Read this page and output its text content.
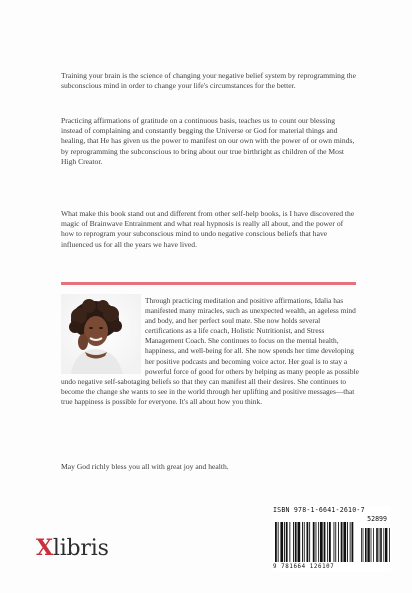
Training your brain is the science of changing your negative belief system by reprogramming the subconscious mind in order to change your life's circumstances for the better.
Practicing affirmations of gratitude on a continuous basis, teaches us to count our blessing instead of complaining and constantly begging the Universe or God for material things and healing, that He has given us the power to manifest on our own with the power of or own minds, by reprogramming the subconscious to bring about our true birthright as children of the Most High Creator.
What make this book stand out and different from other self-help books, is I have discovered the magic of Brainwave Entrainment and what real hypnosis is really all about, and the power of how to reprogram your subconscious mind to undo negative conscious beliefs that have influenced us for all the years we have lived.
Through practicing meditation and positive affirmations, Idalia has manifested many miracles, such as unexpected wealth, an ageless mind and body, and her perfect soul mate. She now holds several certifications as a life coach, Holistic Nutritionist, and Stress Management Coach. She continues to focus on the mental health, happiness, and well-being for all. She now spends her time developing her positive podcasts and becoming voice actor. Her goal is to stay a powerful force of good for others by helping as many people as possible undo negative self-sabotaging beliefs so that they can manifest all their desires. She continues to become the change she wants to see in the world through her uplifting and positive messages—that true happiness is possible for everyone. It's all about how you think.
May God richly bless you all with great joy and health.
Xlibris
ISBN 978-1-6641-2610-7
52899
9 781664 126107
